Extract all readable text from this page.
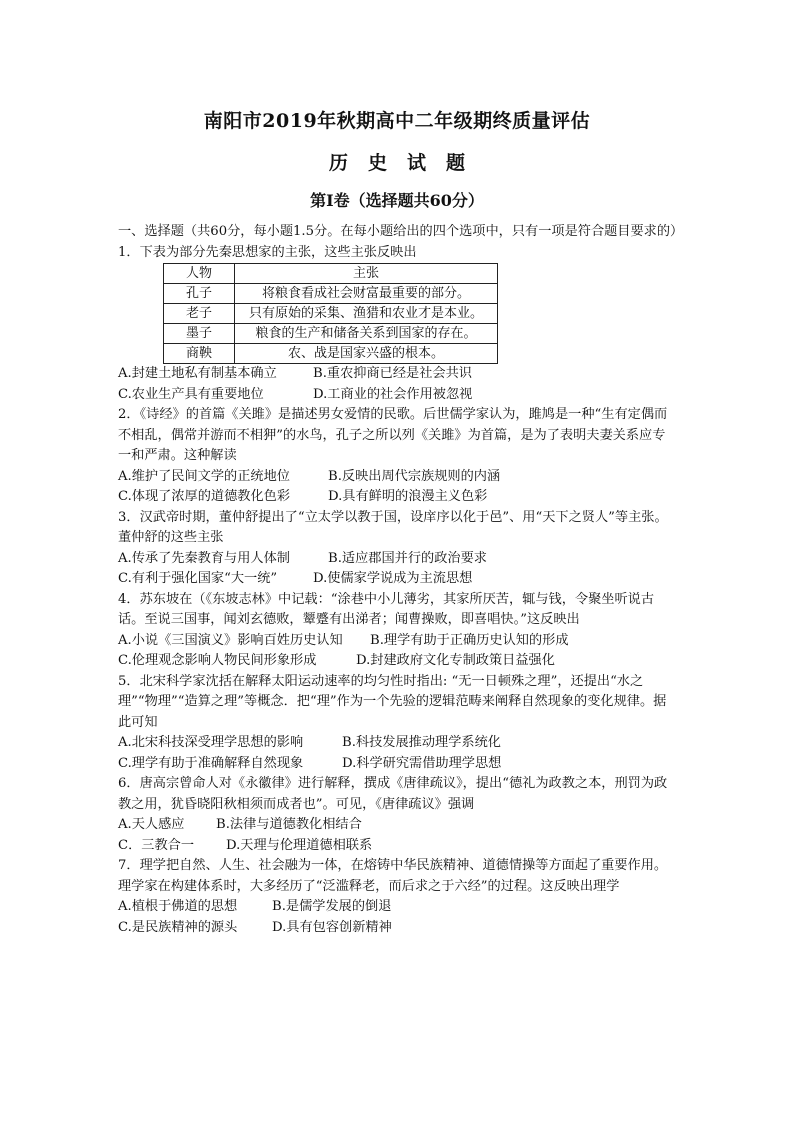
南阳市2019年秋期高中二年级期终质量评估
历史试题
第Ⅰ卷（选择题共60分）

一、选择题（共60分，每小题1.5分。在每小题给出的四个选项中，只有一项是符合题目要求的）

1．下表为部分先秦思想家的主张，这些主张反映出

人物	主张
孔子	将粮食看成社会财富最重要的部分。
老子	只有原始的采集、渔猎和农业才是本业。
墨子	粮食的生产和储备关系到国家的存在。
商鞅	农、战是国家兴盛的根本。

A.封建土地私有制基本确立	B.重农抑商已经是社会共识

C.农业生产具有重要地位	D.工商业的社会作用被忽视

2．《诗经》的首篇《关雎》是描述男女爱情的民歌。后世儒学家认为，雎鸠是一种“生有定偶而不相乱，偶常并游而不相狎”的水鸟，孔子之所以列《关雎》为首篇，是为了表明夫妻关系应专一和严肃。这种解读

A.维护了民间文学的正统地位	B.反映出周代宗族规则的内涵

C.体现了浓厚的道德教化色彩	D.具有鲜明的浪漫主义色彩

3．汉武帝时期，董仲舒提出了“立太学以教于国，设庠序以化于邑”、用“天下之贤人”等主张。董仲舒的这些主张

A.传承了先秦教育与用人体制	B.适应郡国并行的政治要求

C.有利于强化国家“大一统”	D.使儒家学说成为主流思想

4．苏东坡在（《东坡志林》中记载：“涂巷中小儿薄劣，其家所厌苦，辄与钱，令聚坐听说古话。至说三国事，闻刘玄德败，颦蹙有出涕者；闻曹操败，即喜唱快。”这反映出

A.小说《三国演义》影响百姓历史认知	B.理学有助于正确历史认知的形成

C.伦理观念影响人物民间形象形成	D.封建政府文化专制政策日益强化

5．北宋科学家沈括在解释太阳运动速率的均匀性时指出: “无一日顿殊之理”，还提出“水之理”“物理”“造算之理”等概念．把“理”作为一个先验的逻辑范畴来阐释自然现象的变化规律。据此可知

A.北宋科技深受理学思想的影响	B.科技发展推动理学系统化

C.理学有助于准确解释自然现象	D.科学研究需借助理学思想

6．唐高宗曾命人对《永徽律》进行解释，撰成《唐律疏议》，提出“德礼为政教之本，刑罚为政教之用，犹昏晓阳秋相须而成者也”。可见，《唐律疏议》强调

A.天人感应	B.法律与道德教化相结合

C．三教合一	D.天理与伦理道德相联系

7．理学把自然、人生、社会融为一体，在熔铸中华民族精神、道德情操等方面起了重要作用。理学家在构建体系时，大多经历了“泛滥释老，而后求之于六经”的过程。这反映出理学

A.植根于佛道的思想	B.是儒学发展的倒退

C.是民族精神的源头	D.具有包容创新精神
